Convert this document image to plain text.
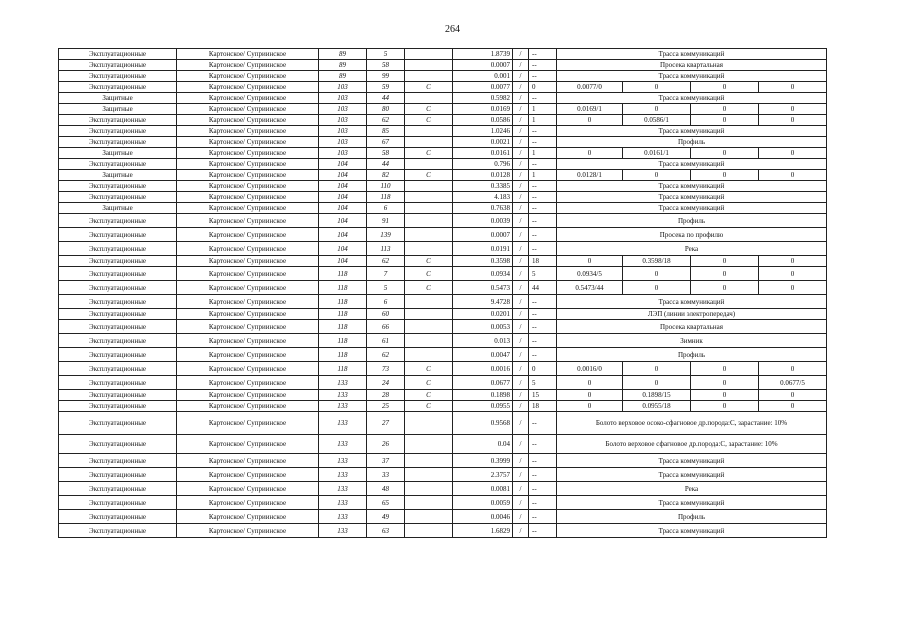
264
Эксплуатационные	Картонское/ Суприинское	89	5		1.8739	/	--	Трасса коммуникаций			
Эксплуатационные	Картонское/ Суприинское	89	58		0.0007	/	--	Просека квартальная			
Эксплуатационные	Картонское/ Суприинское	89	99		0.001	/	--	Трасса коммуникаций			
Эксплуатационные	Картонское/ Суприинское	103	59	С	0.0077	/	0	0.0077/0	0	0	0
Защитные	Картонское/ Суприинское	103	44		0.5982	/	--	Трасса коммуникаций			
Защитные	Картонское/ Суприинское	103	80	С	0.0169	/	1	0.0169/1	0	0	0
Эксплуатационные	Картонское/ Суприинское	103	62	С	0.0586	/	1	0	0.0586/1	0	0
Эксплуатационные	Картонское/ Суприинское	103	85		1.0246	/	--	Трасса коммуникаций			
Эксплуатационные	Картонское/ Суприинское	103	67		0.0021	/	--	Профиль			
Защитные	Картонское/ Суприинское	103	58	С	0.0161	/	1	0	0.0161/1	0	0
Эксплуатационные	Картонское/ Суприинское	104	44		0.796	/	--	Трасса коммуникаций			
Защитные	Картонское/ Суприинское	104	82	С	0.0128	/	1	0.0128/1	0	0	0
Эксплуатационные	Картонское/ Суприинское	104	110		0.3385	/	--	Трасса коммуникаций			
Эксплуатационные	Картонское/ Суприинское	104	118		4.183	/	--	Трасса коммуникаций			
Защитные	Картонское/ Суприинское	104	6		0.7638	/	--	Трасса коммуникаций			
Эксплуатационные	Картонское/ Суприинское	104	91		0.0039	/	--	Профиль			
Эксплуатационные	Картонское/ Суприинское	104	139		0.0007	/	--	Просека по профилю			
Эксплуатационные	Картонское/ Суприинское	104	113		0.0191	/	--	Река			
Эксплуатационные	Картонское/ Суприинское	104	62	С	0.3598	/	18	0	0.3598/18	0	0
Эксплуатационные	Картонское/ Суприинское	118	7	С	0.0934	/	5	0.0934/5	0	0	0
Эксплуатационные	Картонское/ Суприинское	118	5	С	0.5473	/	44	0.5473/44	0	0	0
Эксплуатационные	Картонское/ Суприинское	118	6		9.4728	/	--	Трасса коммуникаций			
Эксплуатационные	Картонское/ Суприинское	118	60		0.0201	/	--	ЛЭП (линии электропередач)			
Эксплуатационные	Картонское/ Суприинское	118	66		0.0053	/	--	Просека квартальная			
Эксплуатационные	Картонское/ Суприинское	118	61		0.013	/	--	Зимник			
Эксплуатационные	Картонское/ Суприинское	118	62		0.0047	/	--	Профиль			
Эксплуатационные	Картонское/ Суприинское	118	73	С	0.0016	/	0	0.0016/0	0	0	0
Эксплуатационные	Картонское/ Суприинское	133	24	С	0.0677	/	5	0	0	0	0.0677/5
Эксплуатационные	Картонское/ Суприинское	133	28	С	0.1898	/	15	0	0.1898/15	0	0
Эксплуатационные	Картонское/ Суприинское	133	25	С	0.0955	/	18	0	0.0955/18	0	0
Эксплуатационные	Картонское/ Суприинское	133	27		0.9568	/	--	Болото верховое осоко-сфагновое др.порода:С, зарастание: 10%			
Эксплуатационные	Картонское/ Суприинское	133	26		0.04	/	--	Болото верховое сфагновое др.порода:С, зарастание: 10%			
Эксплуатационные	Картонское/ Суприинское	133	37		0.3999	/	--	Трасса коммуникаций			
Эксплуатационные	Картонское/ Суприинское	133	33		2.3757	/	--	Трасса коммуникаций			
Эксплуатационные	Картонское/ Суприинское	133	48		0.0081	/	--	Река			
Эксплуатационные	Картонское/ Суприинское	133	65		0.0059	/	--	Трасса коммуникаций			
Эксплуатационные	Картонское/ Суприинское	133	49		0.0046	/	--	Профиль			
Эксплуатационные	Картонское/ Суприинское	133	63		1.6829	/	--	Трасса коммуникаций			
